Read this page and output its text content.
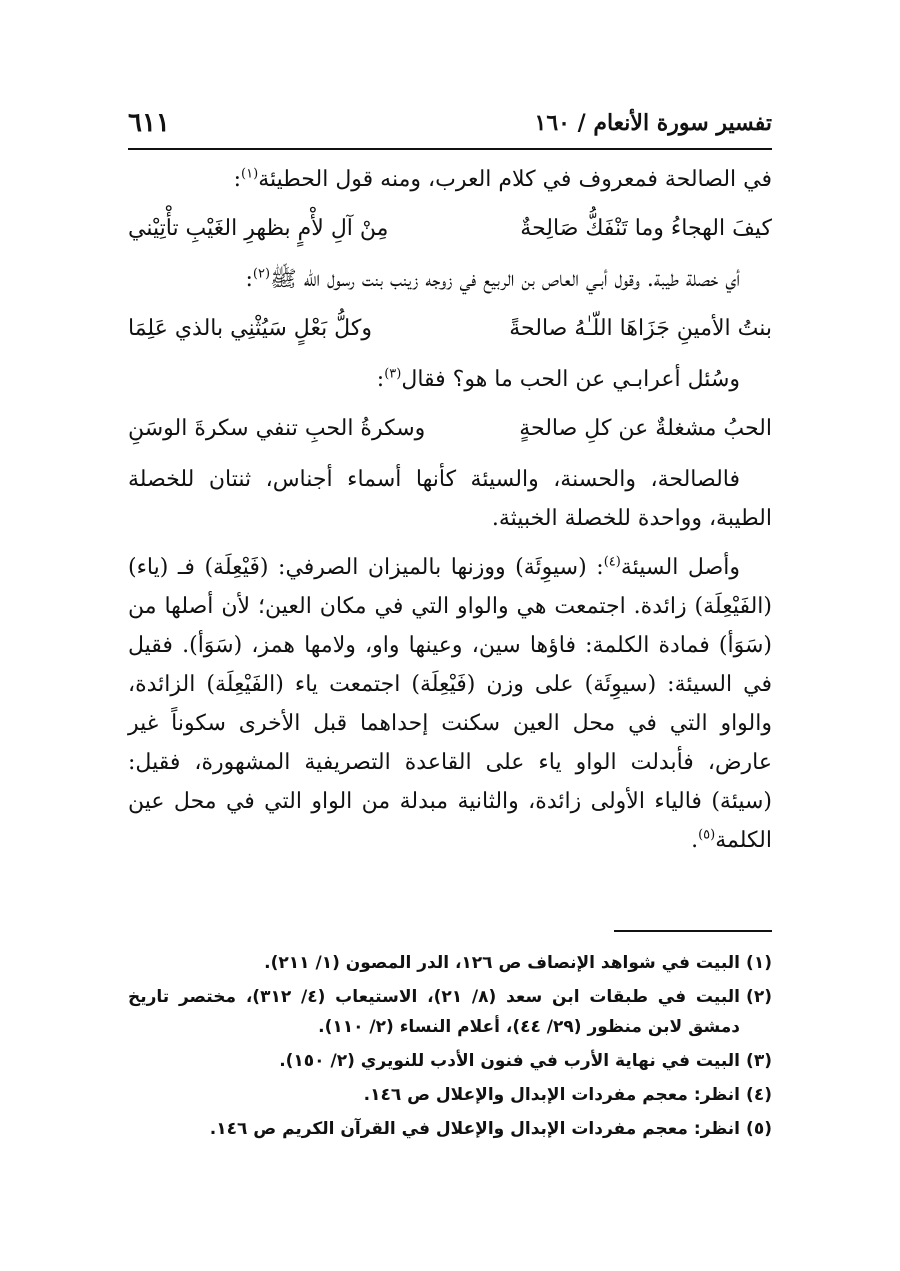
تفسير سورة الأنعام / ١٦٠
٦١١

في الصالحة فمعروف في كلام العرب، ومنه قول الحطيئة$^{(١)}$:

كيفَ الهجاءُ وما تَنْفَكُّ صَالِحةٌ
مِنْ آلِ لأْمٍ بظهرِ الغَيْبِ تأْتِيْني

أي خصلة طيبة. وقول أبـي العاص بن الربيع في زوجه زينب بنت رسول الله ﷺ$^{(٢)}$:

بنتُ الأمينِ جَزَاهَا اللّـٰهُ صالحةً
وكلُّ بَعْلٍ سَيُثْنِي بالذي عَلِمَا

وسُئل أعرابـي عن الحب ما هو؟ فقال$^{(٣)}$:

الحبُ مشغلةٌ عن كلِ صالحةٍ
وسكرةُ الحبِ تنفي سكرةَ الوسَنِ

فالصالحة، والحسنة، والسيئة كأنها أسماء أجناس، ثنتان للخصلة الطيبة، وواحدة للخصلة الخبيثة.

وأصل السيئة$^{(٤)}$: (سيوِئَة) ووزنها بالميزان الصرفي: (فَيْعِلَة) فـ (ياء) (الفَيْعِلَة) زائدة. اجتمعت هي والواو التي في مكان العين؛ لأن أصلها من (سَوَأ) فمادة الكلمة: فاؤها سين، وعينها واو، ولامها همز، (سَوَأ). فقيل في السيئة: (سيوِئَة) على وزن (فَيْعِلَة) اجتمعت ياء (الفَيْعِلَة) الزائدة، والواو التي في محل العين سكنت إحداهما قبل الأخرى سكوناً غير عارض، فأبدلت الواو ياء على القاعدة التصريفية المشهورة، فقيل: (سيئة) فالياء الأولى زائدة، والثانية مبدلة من الواو التي في محل عين الكلمة$^{(٥)}$.

(١)
البيت في شواهد الإنصاف ص ١٢٦، الدر المصون (١/ ٢١١).
(٢)
البيت في طبقات ابن سعد (٨/ ٢١)، الاستيعاب (٤/ ٣١٢)، مختصر تاريخ دمشق لابن منظور (٢٩/ ٤٤)، أعلام النساء (٢/ ١١٠).
(٣)
البيت في نهاية الأرب في فنون الأدب للنويري (٢/ ١٥٠).
(٤)
انظر: معجم مفردات الإبدال والإعلال ص ١٤٦.
(٥)
انظر: معجم مفردات الإبدال والإعلال في القرآن الكريم ص ١٤٦.
